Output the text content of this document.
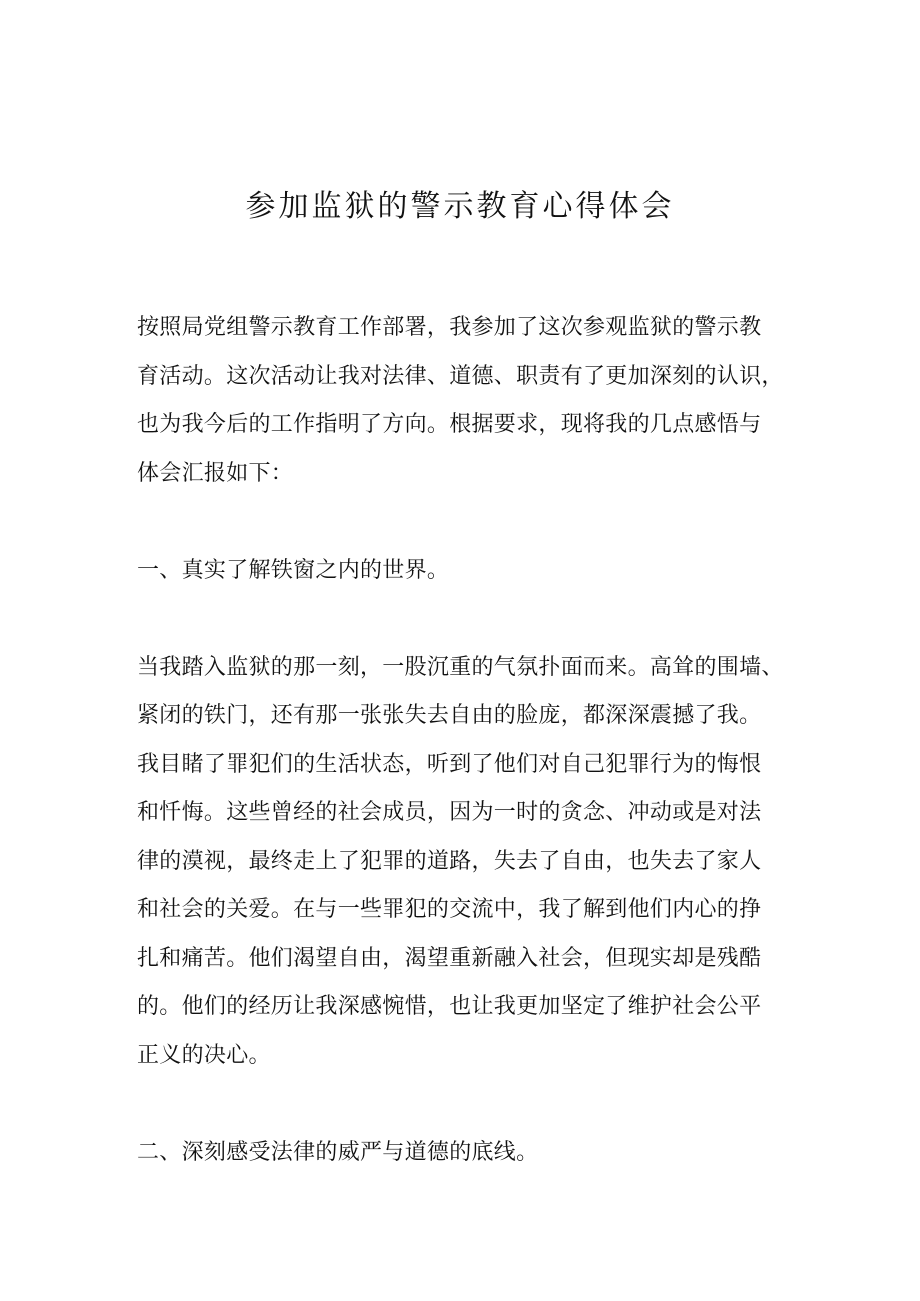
参加监狱的警示教育心得体会

按照局党组警示教育工作部署，我参加了这次参观监狱的警示教

育活动。这次活动让我对法律、道德、职责有了更加深刻的认识，

也为我今后的工作指明了方向。根据要求，现将我的几点感悟与

体会汇报如下：

一、真实了解铁窗之内的世界。

当我踏入监狱的那一刻，一股沉重的气氛扑面而来。高耸的围墙、

紧闭的铁门，还有那一张张失去自由的脸庞，都深深震撼了我。

我目睹了罪犯们的生活状态，听到了他们对自己犯罪行为的悔恨

和忏悔。这些曾经的社会成员，因为一时的贪念、冲动或是对法

律的漠视，最终走上了犯罪的道路，失去了自由，也失去了家人

和社会的关爱。在与一些罪犯的交流中，我了解到他们内心的挣

扎和痛苦。他们渴望自由，渴望重新融入社会，但现实却是残酷

的。他们的经历让我深感惋惜，也让我更加坚定了维护社会公平

正义的决心。

二、深刻感受法律的威严与道德的底线。
